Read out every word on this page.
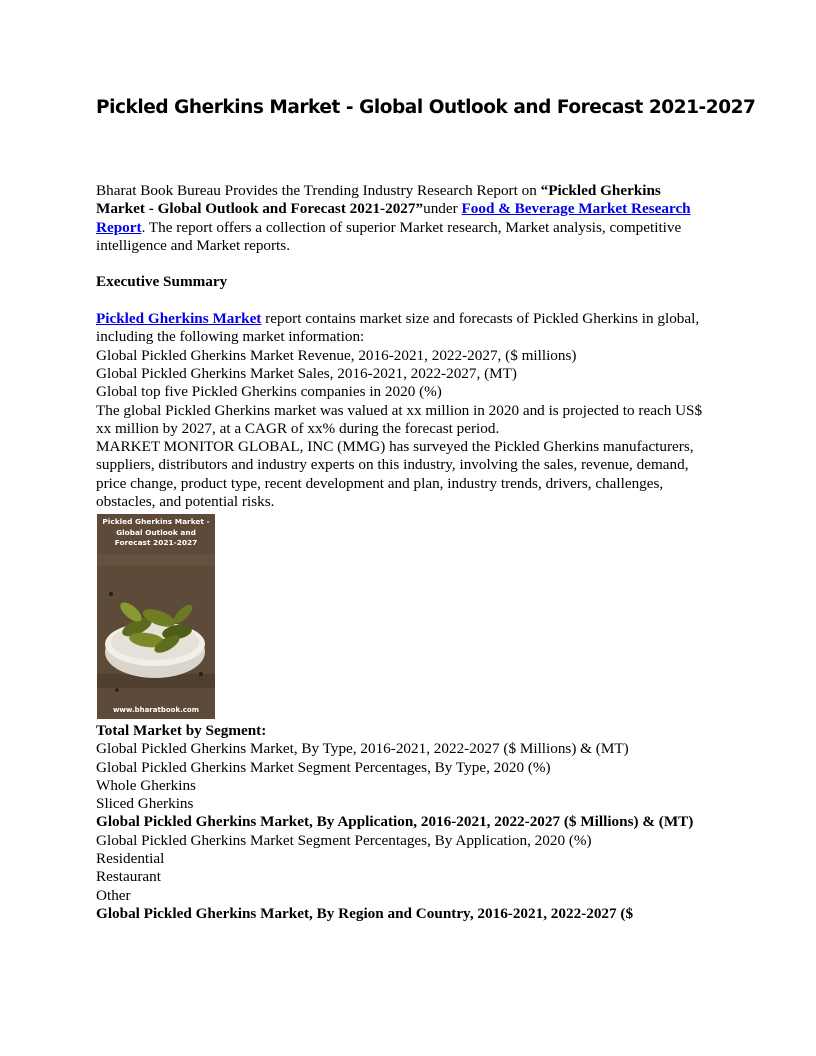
Pickled Gherkins Market - Global Outlook and Forecast 2021-2027

Bharat Book Bureau Provides the Trending Industry Research Report on “Pickled Gherkins Market - Global Outlook and Forecast 2021-2027”under Food & Beverage Market Research Report. The report offers a collection of superior Market research, Market analysis, competitive intelligence and Market reports.

Executive Summary

Pickled Gherkins Market report contains market size and forecasts of Pickled Gherkins in global, including the following market information:

Global Pickled Gherkins Market Revenue, 2016-2021, 2022-2027, ($ millions)

Global Pickled Gherkins Market Sales, 2016-2021, 2022-2027, (MT)

Global top five Pickled Gherkins companies in 2020 (%)

The global Pickled Gherkins market was valued at xx million in 2020 and is projected to reach US$ xx million by 2027, at a CAGR of xx% during the forecast period.

MARKET MONITOR GLOBAL, INC (MMG) has surveyed the Pickled Gherkins manufacturers, suppliers, distributors and industry experts on this industry, involving the sales, revenue, demand, price change, product type, recent development and plan, industry trends, drivers, challenges, obstacles, and potential risks.

Pickled Gherkins Market -
Global Outlook and
Forecast 2021-2027
www.bharatbook.com

Total Market by Segment:

Global Pickled Gherkins Market, By Type, 2016-2021, 2022-2027 ($ Millions) & (MT)

Global Pickled Gherkins Market Segment Percentages, By Type, 2020 (%)

Whole Gherkins

Sliced Gherkins

Global Pickled Gherkins Market, By Application, 2016-2021, 2022-2027 ($ Millions) & (MT)

Global Pickled Gherkins Market Segment Percentages, By Application, 2020 (%)

Residential

Restaurant

Other

Global Pickled Gherkins Market, By Region and Country, 2016-2021, 2022-2027 ($
